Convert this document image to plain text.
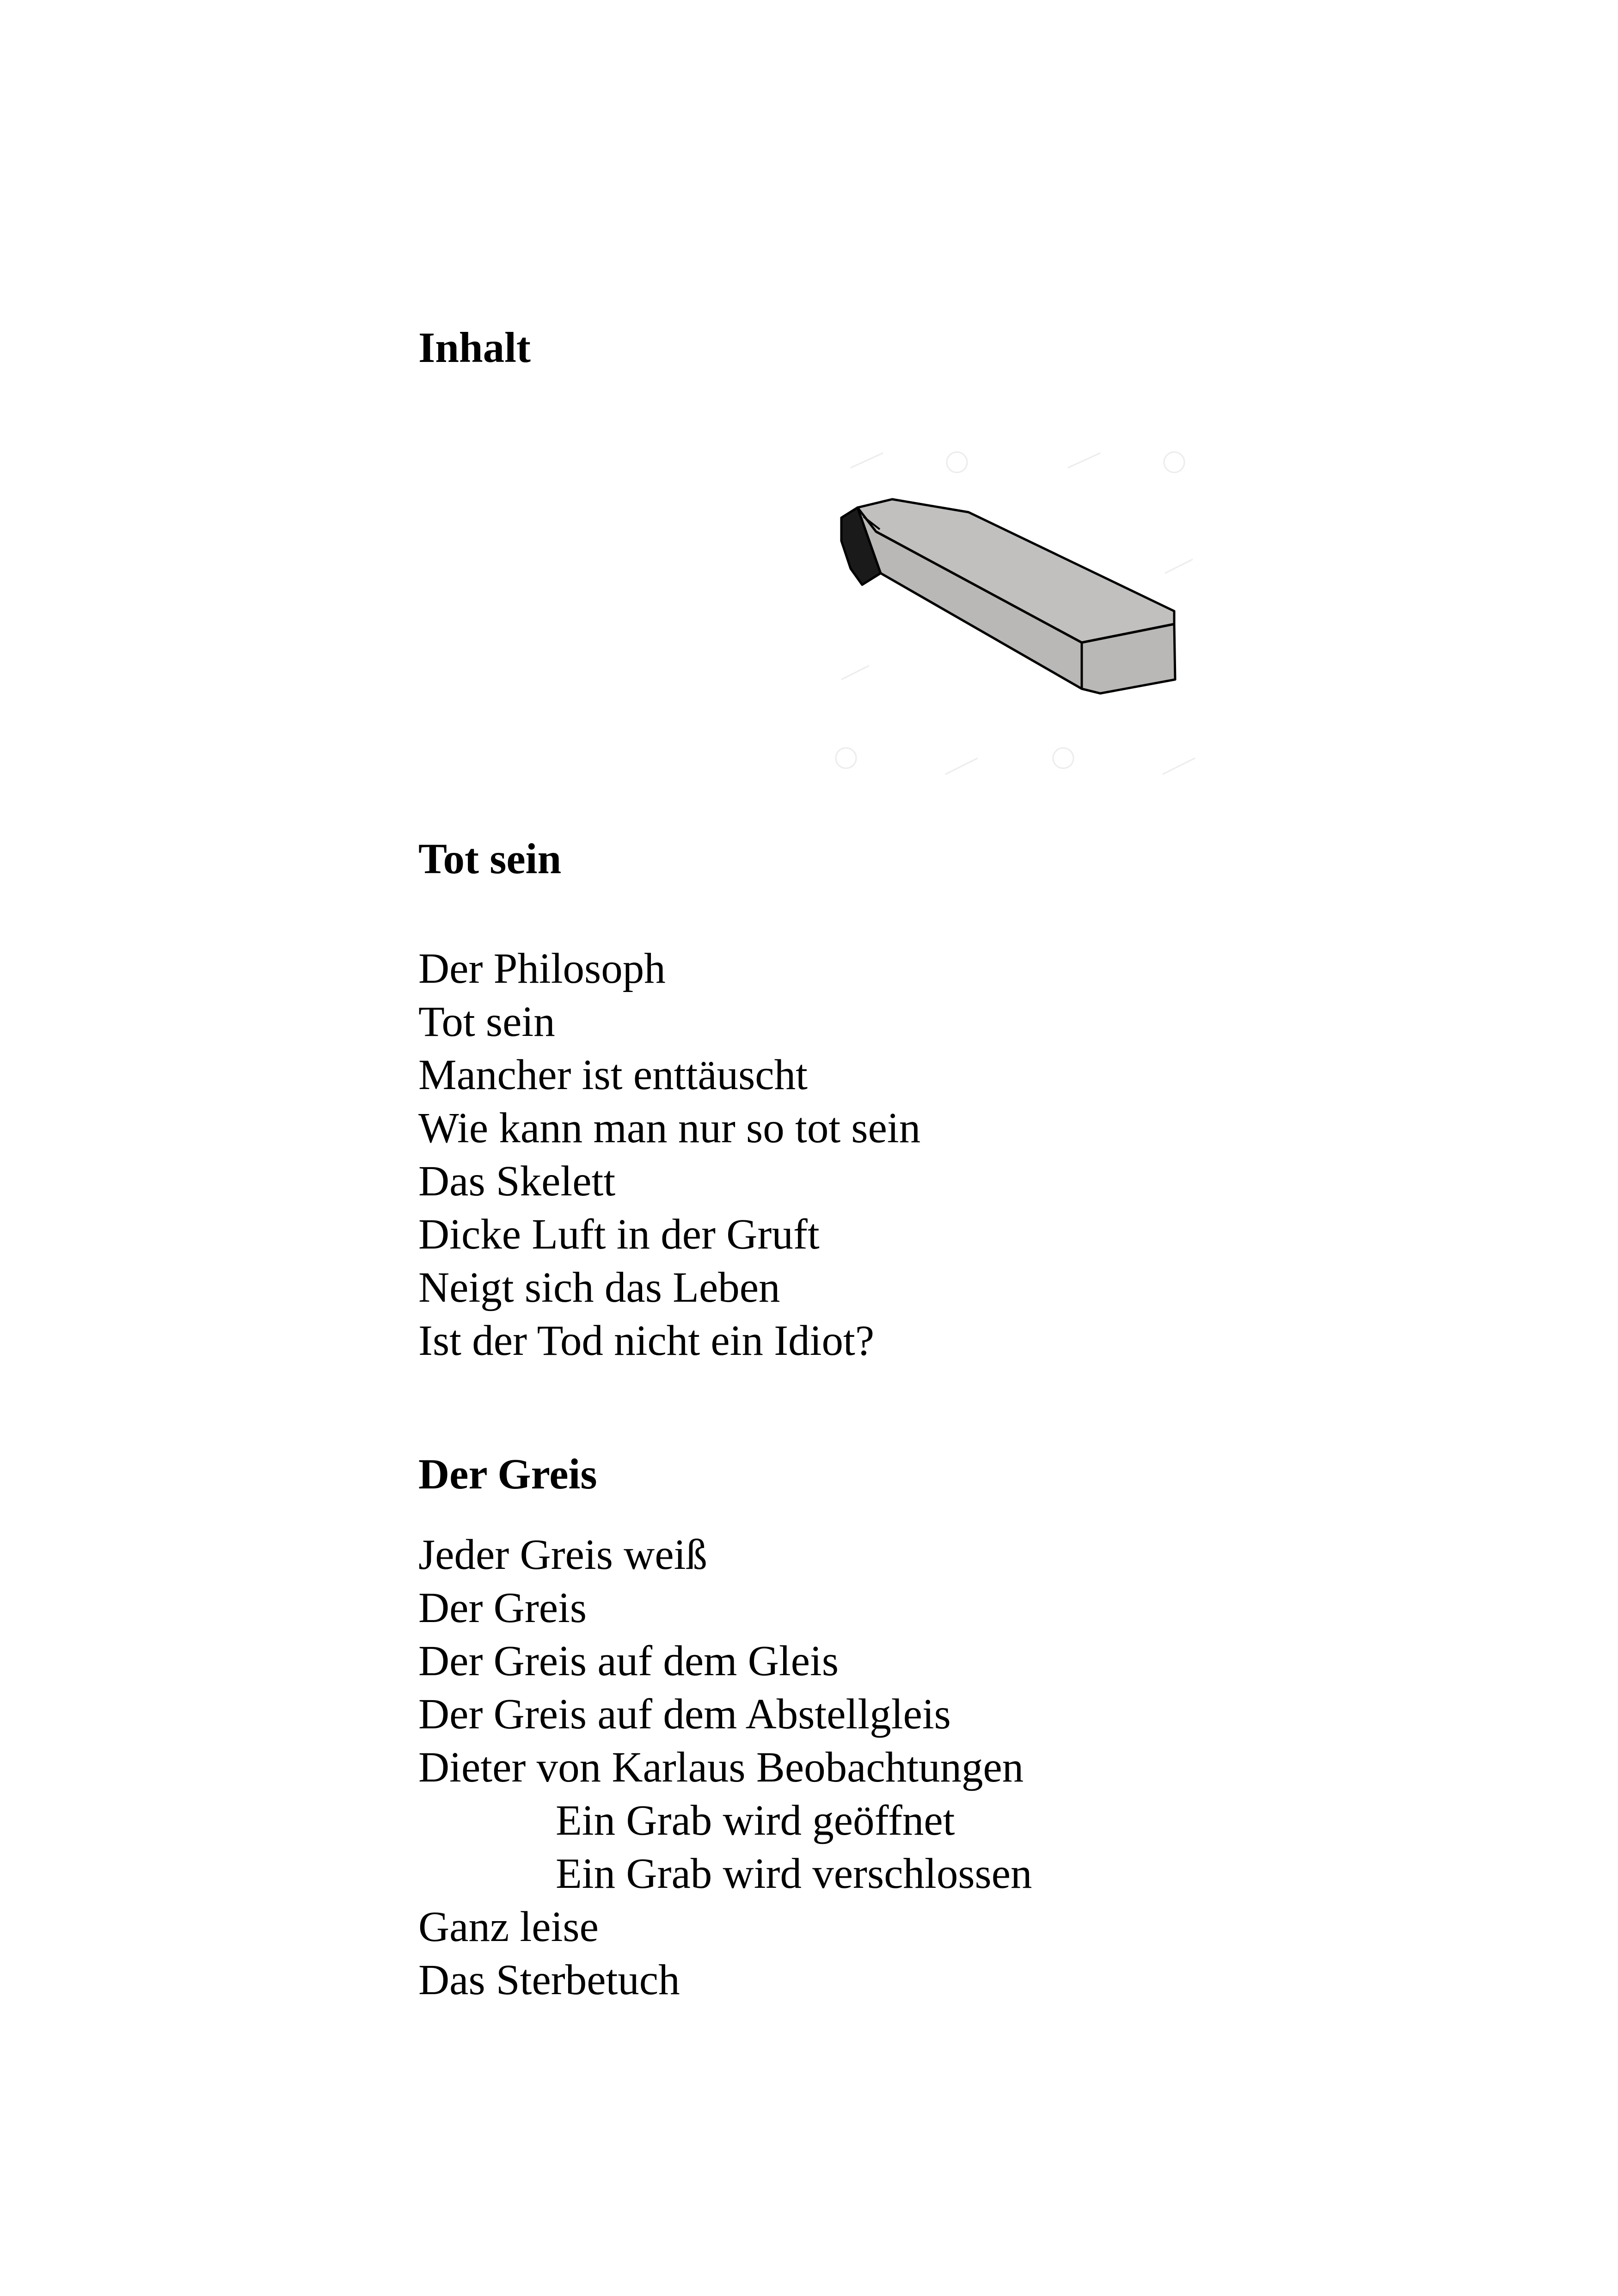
Inhalt
Tot sein
Der Philosoph
Tot sein
Mancher ist enttäuscht
Wie kann man nur so tot sein
Das Skelett
Dicke Luft in der Gruft
Neigt sich das Leben
Ist der Tod nicht ein Idiot?
Der Greis
Jeder Greis weiß
Der Greis
Der Greis auf dem Gleis
Der Greis auf dem Abstellgleis
Dieter von Karlaus Beobachtungen
Ein Grab wird geöffnet
Ein Grab wird verschlossen
Ganz leise
Das Sterbetuch
